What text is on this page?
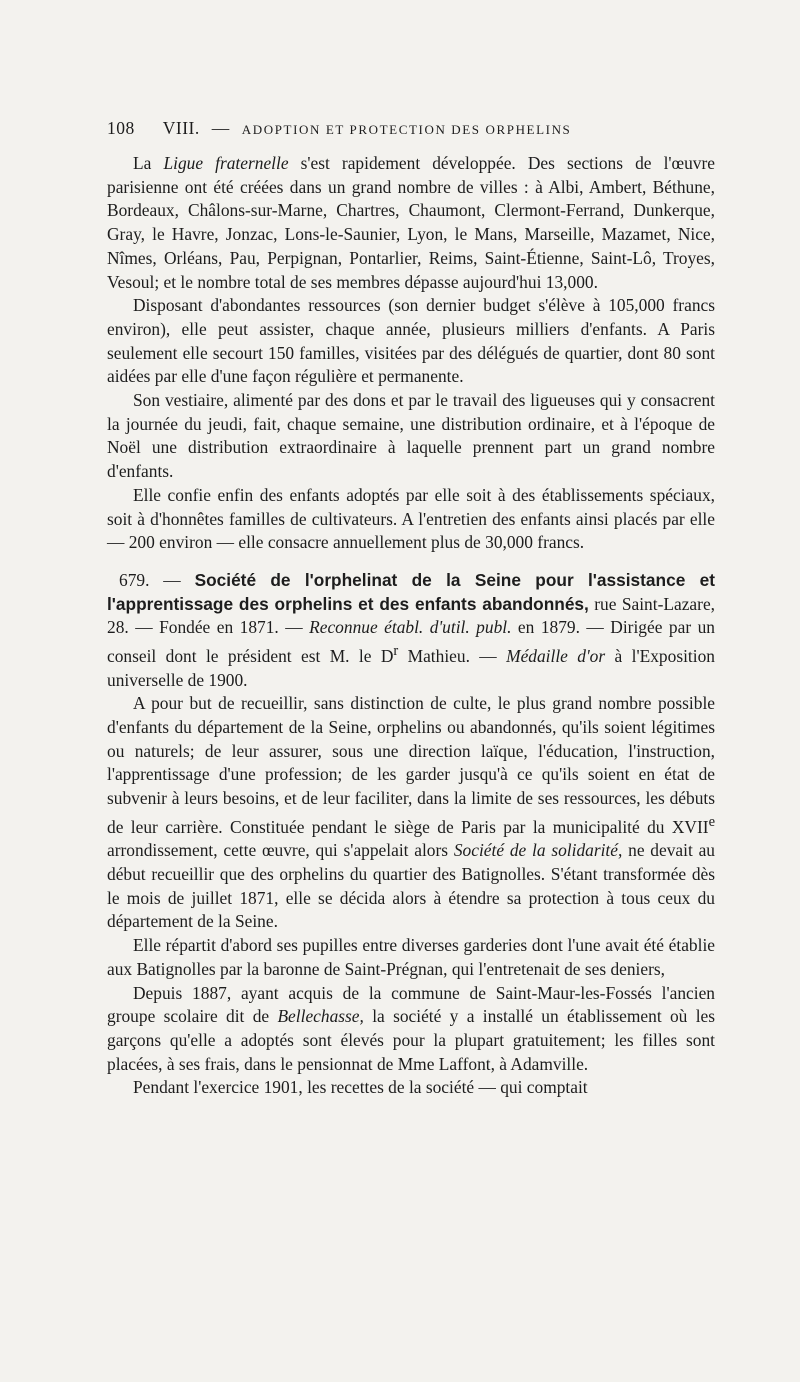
108 VIII. — ADOPTION ET PROTECTION DES ORPHELINS

La Ligue fraternelle s'est rapidement développée. Des sections de l'œuvre parisienne ont été créées dans un grand nombre de villes : à Albi, Ambert, Béthune, Bordeaux, Châlons-sur-Marne, Chartres, Chaumont, Clermont-Ferrand, Dunkerque, Gray, le Havre, Jonzac, Lons-le-Saunier, Lyon, le Mans, Marseille, Mazamet, Nice, Nîmes, Orléans, Pau, Perpignan, Pontarlier, Reims, Saint-Étienne, Saint-Lô, Troyes, Vesoul; et le nombre total de ses membres dépasse aujourd'hui 13,000.

Disposant d'abondantes ressources (son dernier budget s'élève à 105,000 francs environ), elle peut assister, chaque année, plusieurs milliers d'enfants. A Paris seulement elle secourt 150 familles, visitées par des délégués de quartier, dont 80 sont aidées par elle d'une façon régulière et permanente.

Son vestiaire, alimenté par des dons et par le travail des ligueuses qui y consacrent la journée du jeudi, fait, chaque semaine, une distribution ordinaire, et à l'époque de Noël une distribution extraordinaire à laquelle prennent part un grand nombre d'enfants.

Elle confie enfin des enfants adoptés par elle soit à des établissements spéciaux, soit à d'honnêtes familles de cultivateurs. A l'entretien des enfants ainsi placés par elle — 200 environ — elle consacre annuellement plus de 30,000 francs.

679. — Société de l'orphelinat de la Seine pour l'assistance et l'apprentissage des orphelins et des enfants abandonnés, rue Saint-Lazare, 28. — Fondée en 1871. — Reconnue établ. d'util. publ. en 1879. — Dirigée par un conseil dont le président est M. le $D^r$ Mathieu. — Médaille d'or à l'Exposition universelle de 1900.

A pour but de recueillir, sans distinction de culte, le plus grand nombre possible d'enfants du département de la Seine, orphelins ou abandonnés, qu'ils soient légitimes ou naturels; de leur assurer, sous une direction laïque, l'éducation, l'instruction, l'apprentissage d'une profession; de les garder jusqu'à ce qu'ils soient en état de subvenir à leurs besoins, et de leur faciliter, dans la limite de ses ressources, les débuts de leur carrière. Constituée pendant le siège de Paris par la municipalité du XVIIe arrondissement, cette œuvre, qui s'appelait alors Société de la solidarité, ne devait au début recueillir que des orphelins du quartier des Batignolles. S'étant transformée dès le mois de juillet 1871, elle se décida alors à étendre sa protection à tous ceux du département de la Seine.

Elle répartit d'abord ses pupilles entre diverses garderies dont l'une avait été établie aux Batignolles par la baronne de Saint-Prégnan, qui l'entretenait de ses deniers,

Depuis 1887, ayant acquis de la commune de Saint-Maur-les-Fossés l'ancien groupe scolaire dit de Bellechasse, la société y a installé un établissement où les garçons qu'elle a adoptés sont élevés pour la plupart gratuitement; les filles sont placées, à ses frais, dans le pensionnat de Mme Laffont, à Adamville.

Pendant l'exercice 1901, les recettes de la société — qui comptait
